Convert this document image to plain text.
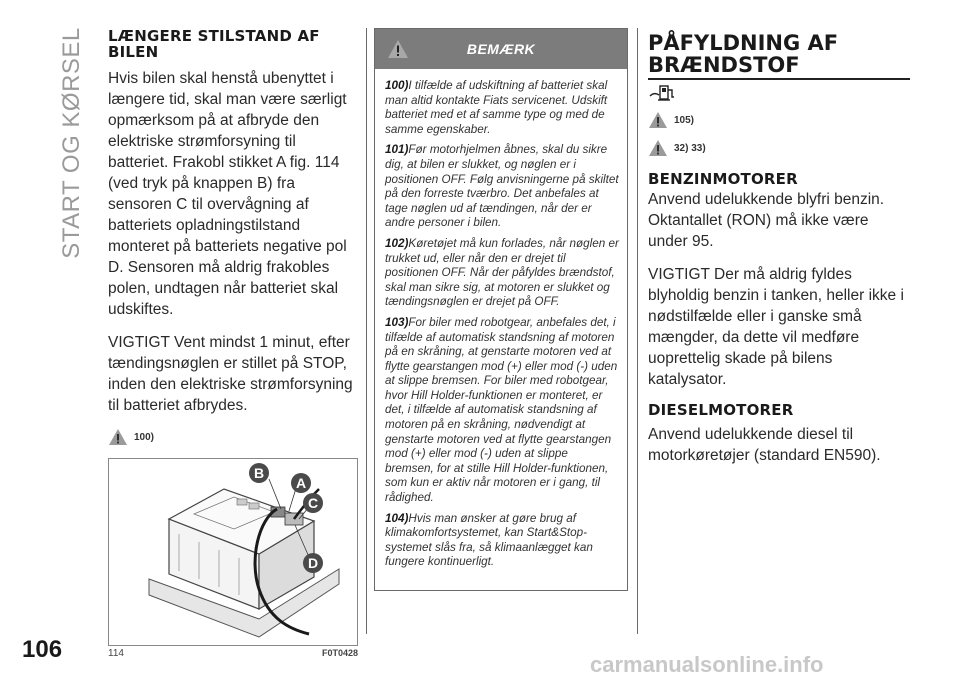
START OG KØRSEL
106
carmanualsonline.info
LÆNGERE STILSTAND AF BILEN

Hvis bilen skal henstå ubenyttet i længere tid, skal man være særligt opmærksom på at afbryde den elektriske strømforsyning til batteriet. Frakobl stikket A fig. 114 (ved tryk på knappen B) fra sensoren C til overvågning af batteriets opladningstilstand monteret på batteriets negative pol D. Sensoren må aldrig frakobles polen, undtagen når batteriet skal udskiftes.

VIGTIGT Vent mindst 1 minut, efter tændingsnøglen er stillet på STOP, inden den elektriske strømforsyning til batteriet afbrydes.

100)
B
A
C
D
114	F0T0428
BEMÆRK

100)I tilfælde af udskiftning af batteriet skal man altid kontakte Fiats servicenet. Udskift batteriet med et af samme type og med de samme egenskaber.

101)Før motorhjelmen åbnes, skal du sikre dig, at bilen er slukket, og nøglen er i positionen OFF. Følg anvisningerne på skiltet på den forreste tværbro. Det anbefales at tage nøglen ud af tændingen, når der er andre personer i bilen.

102)Køretøjet må kun forlades, når nøglen er trukket ud, eller når den er drejet til positionen OFF. Når der påfyldes brændstof, skal man sikre sig, at motoren er slukket og tændingsnøglen er drejet på OFF.

103)For biler med robotgear, anbefales det, i tilfælde af automatisk standsning af motoren på en skråning, at genstarte motoren ved at flytte gearstangen mod (+) eller mod (-) uden at slippe bremsen. For biler med robotgear, hvor Hill Holder-funktionen er monteret, er det, i tilfælde af automatisk standsning af motoren på en skråning, nødvendigt at genstarte motoren ved at flytte gearstangen mod (+) eller mod (-) uden at slippe bremsen, for at stille Hill Holder-funktionen, som kun er aktiv når motoren er i gang, til rådighed.

104)Hvis man ønsker at gøre brug af klimakomfortsystemet, kan Start&Stop-systemet slås fra, så klimaanlægget kan fungere kontinuerligt.

PÅFYLDNING AF BRÆNDSTOF
105)
32) 33)
BENZINMOTORER

Anvend udelukkende blyfri benzin. Oktantallet (RON) må ikke være under 95.

VIGTIGT Der må aldrig fyldes blyholdig benzin i tanken, heller ikke i nødstilfælde eller i ganske små mængder, da dette vil medføre uoprettelig skade på bilens katalysator.

DIESELMOTORER

Anvend udelukkende diesel til motorkøretøjer (standard EN590).
